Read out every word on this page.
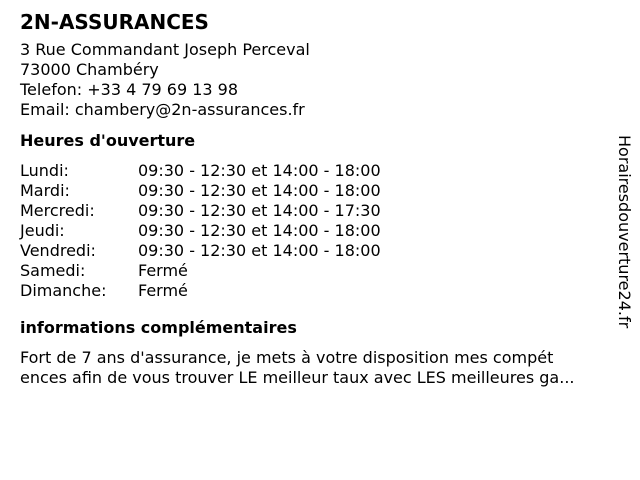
2N-ASSURANCES
3 Rue Commandant Joseph Perceval
73000 Chambéry
Telefon: +33 4 79 69 13 98
Email: chambery@2n-assurances.fr
Heures d'ouverture
Lundi:	09:30 - 12:30 et 14:00 - 18:00
Mardi:	09:30 - 12:30 et 14:00 - 18:00
Mercredi:	09:30 - 12:30 et 14:00 - 17:30
Jeudi:	09:30 - 12:30 et 14:00 - 18:00
Vendredi:	09:30 - 12:30 et 14:00 - 18:00
Samedi:	Fermé
Dimanche:	Fermé
informations complémentaires
Fort de 7 ans d'assurance, je mets à votre disposition mes compét
ences afin de vous trouver LE meilleur taux avec LES meilleures ga...
Horairesdouverture24.fr
